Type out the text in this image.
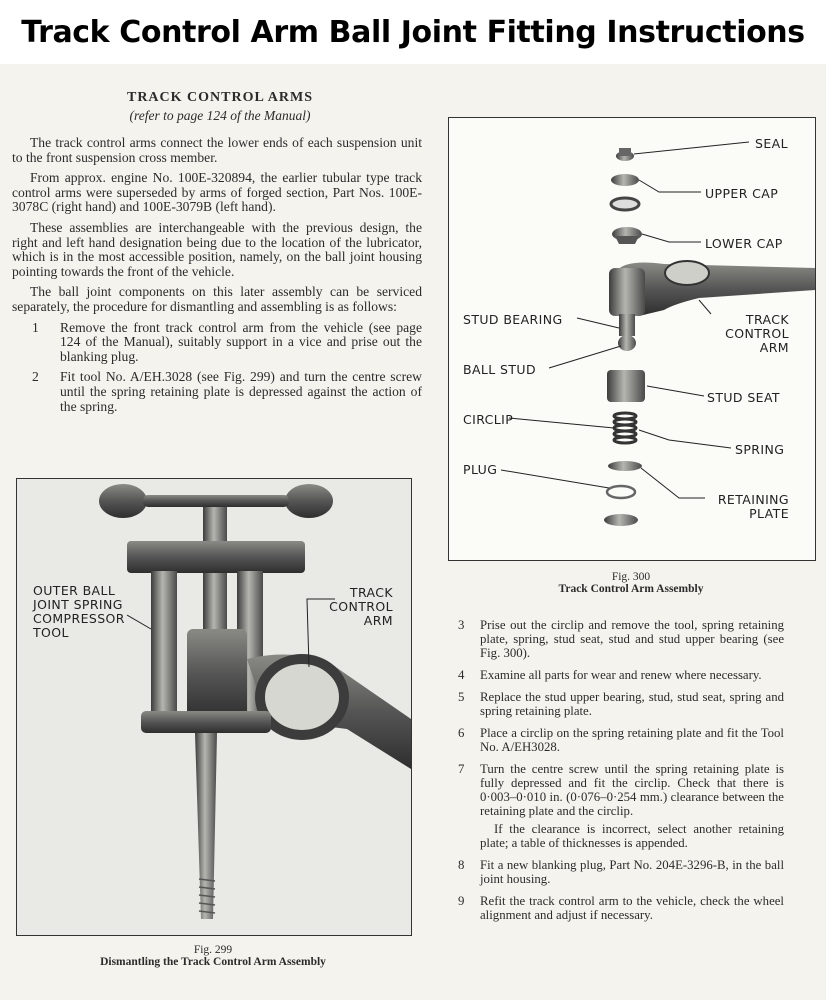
Track Control Arm Ball Joint Fitting Instructions
TRACK CONTROL ARMS
(refer to page 124 of the Manual)

The track control arms connect the lower ends of each suspension unit to the front suspension cross member.

From approx. engine No. 100E-320894, the earlier tubular type track control arms were superseded by arms of forged section, Part Nos. 100E-3078C (right hand) and 100E-3079B (left hand).

These assemblies are interchangeable with the previous design, the right and left hand designation being due to the location of the lubricator, which is in the most accessible position, namely, on the ball joint housing pointing towards the front of the vehicle.

The ball joint components on this later assembly can be serviced separately, the procedure for dismantling and assembling is as follows:

1	Remove the front track control arm from the vehicle (see page 124 of the Manual), suitably support in a vice and prise out the blanking plug.
2	Fit tool No. A/EH.3028 (see Fig. 299) and turn the centre screw until the spring retaining plate is depressed against the action of the spring.
SEAL
UPPER CAP
LOWER CAP
STUD BEARING	TRACK
CONTROL
ARM
BALL STUD
STUD SEAT
CIRCLIP
SPRING
PLUG
RETAINING
PLATE
Fig. 300
Track Control Arm Assembly
OUTER BALL
JOINT SPRING
COMPRESSOR
TOOL
TRACK
CONTROL
ARM
Fig. 299
Dismantling the Track Control Arm Assembly
3	Prise out the circlip and remove the tool, spring retaining plate, spring, stud seat, stud and stud upper bearing (see Fig. 300).
4	Examine all parts for wear and renew where necessary.
5	Replace the stud upper bearing, stud, stud seat, spring and spring retaining plate.
6	Place a circlip on the spring retaining plate and fit the Tool No. A/EH3028.
7	Turn the centre screw until the spring retaining plate is fully depressed and fit the circlip. Check that there is 0·003–0·010 in. (0·076–0·254 mm.) clearance between the retaining plate and the circlip.
If the clearance is incorrect, select another retaining plate; a table of thicknesses is appended.
8	Fit a new blanking plug, Part No. 204E-3296-B, in the ball joint housing.
9	Refit the track control arm to the vehicle, check the wheel alignment and adjust if necessary.
